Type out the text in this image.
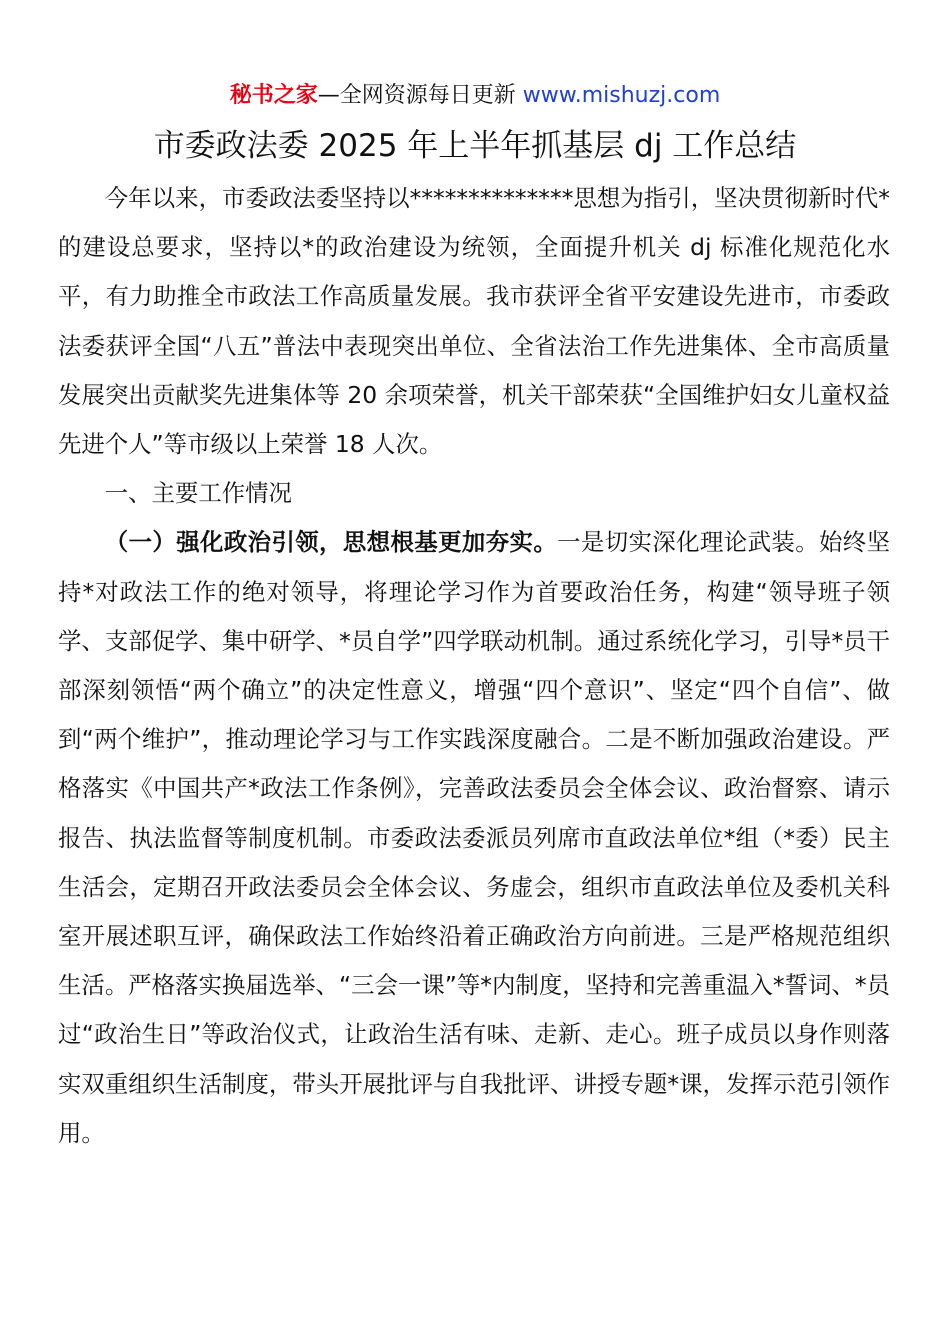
秘书之家—全网资源每日更新 www.mishuzj.com
市委政法委 2025 年上半年抓基层 dj 工作总结

今年以来，市委政法委坚持以**************思想为指引，坚决贯彻新时代*的建设总要求，坚持以*的政治建设为统领，全面提升机关 dj 标准化规范化水平，有力助推全市政法工作高质量发展。我市获评全省平安建设先进市，市委政法委获评全国“八五”普法中表现突出单位、全省法治工作先进集体、全市高质量发展突出贡献奖先进集体等 20 余项荣誉，机关干部荣获“全国维护妇女儿童权益先进个人”等市级以上荣誉 18 人次。

一、主要工作情况

（一）强化政治引领，思想根基更加夯实。一是切实深化理论武装。始终坚持*对政法工作的绝对领导，将理论学习作为首要政治任务，构建“领导班子领学、支部促学、集中研学、*员自学”四学联动机制。通过系统化学习，引导*员干部深刻领悟“两个确立”的决定性意义，增强“四个意识”、坚定“四个自信”、做到“两个维护”，推动理论学习与工作实践深度融合。二是不断加强政治建设。严格落实《中国共产*政法工作条例》，完善政法委员会全体会议、政治督察、请示报告、执法监督等制度机制。市委政法委派员列席市直政法单位*组（*委）民主生活会，定期召开政法委员会全体会议、务虚会，组织市直政法单位及委机关科室开展述职互评，确保政法工作始终沿着正确政治方向前进。三是严格规范组织生活。严格落实换届选举、“三会一课”等*内制度，坚持和完善重温入*誓词、*员过“政治生日”等政治仪式，让政治生活有味、走新、走心。班子成员以身作则落实双重组织生活制度，带头开展批评与自我批评、讲授专题*课，发挥示范引领作用。
